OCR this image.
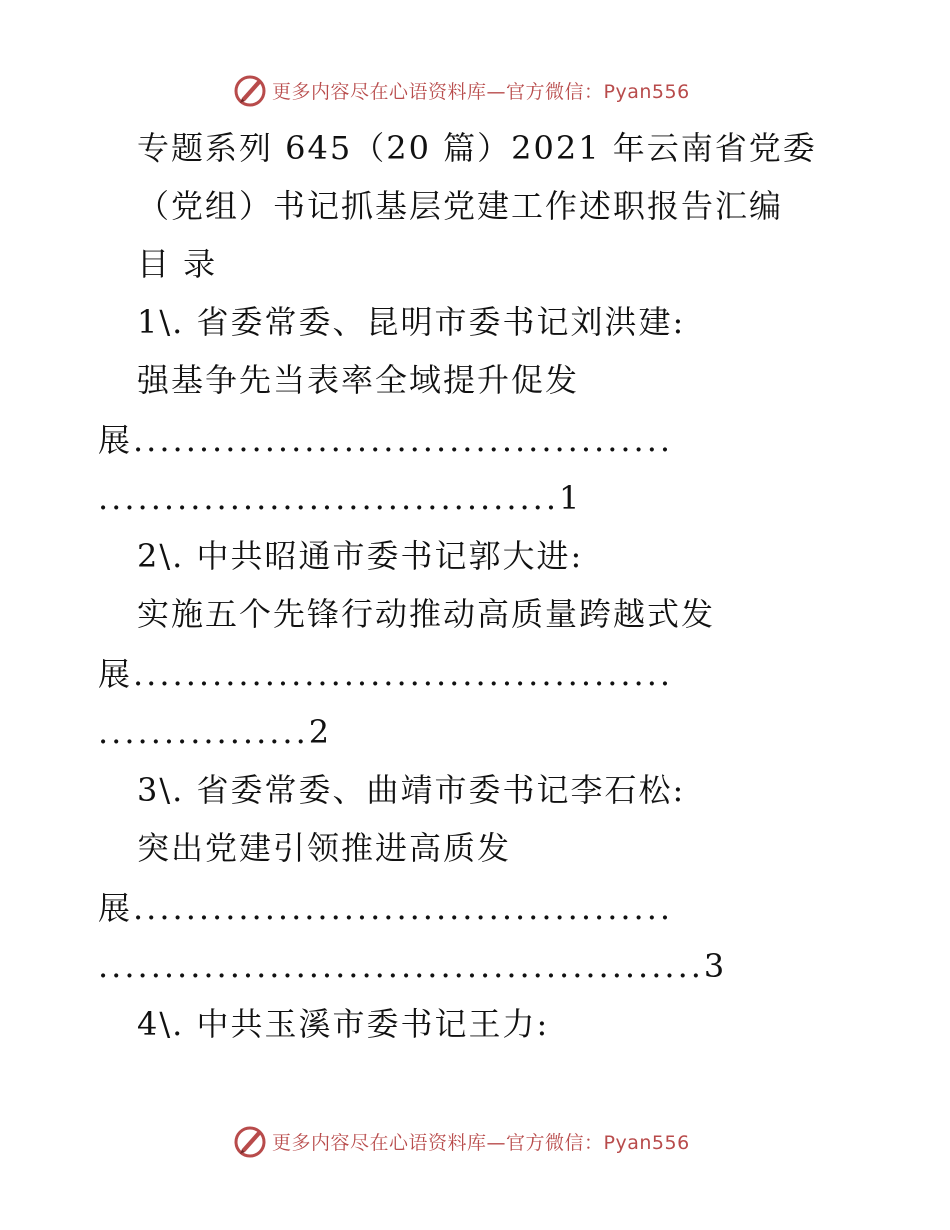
更多内容尽在心语资料库—官方微信：Pyan556
专题系列 645（20 篇）2021 年云南省党委
（党组）书记抓基层党建工作述职报告汇编
目 录
1\. 省委常委、昆明市委书记刘洪建:
强基争先当表率全域提升促发
展.........................................
...................................1
2\. 中共昭通市委书记郭大进:
实施五个先锋行动推动高质量跨越式发
展.........................................
................2
3\. 省委常委、曲靖市委书记李石松:
突出党建引领推进高质发
展.........................................
..............................................3
4\. 中共玉溪市委书记王力:
更多内容尽在心语资料库—官方微信：Pyan556
